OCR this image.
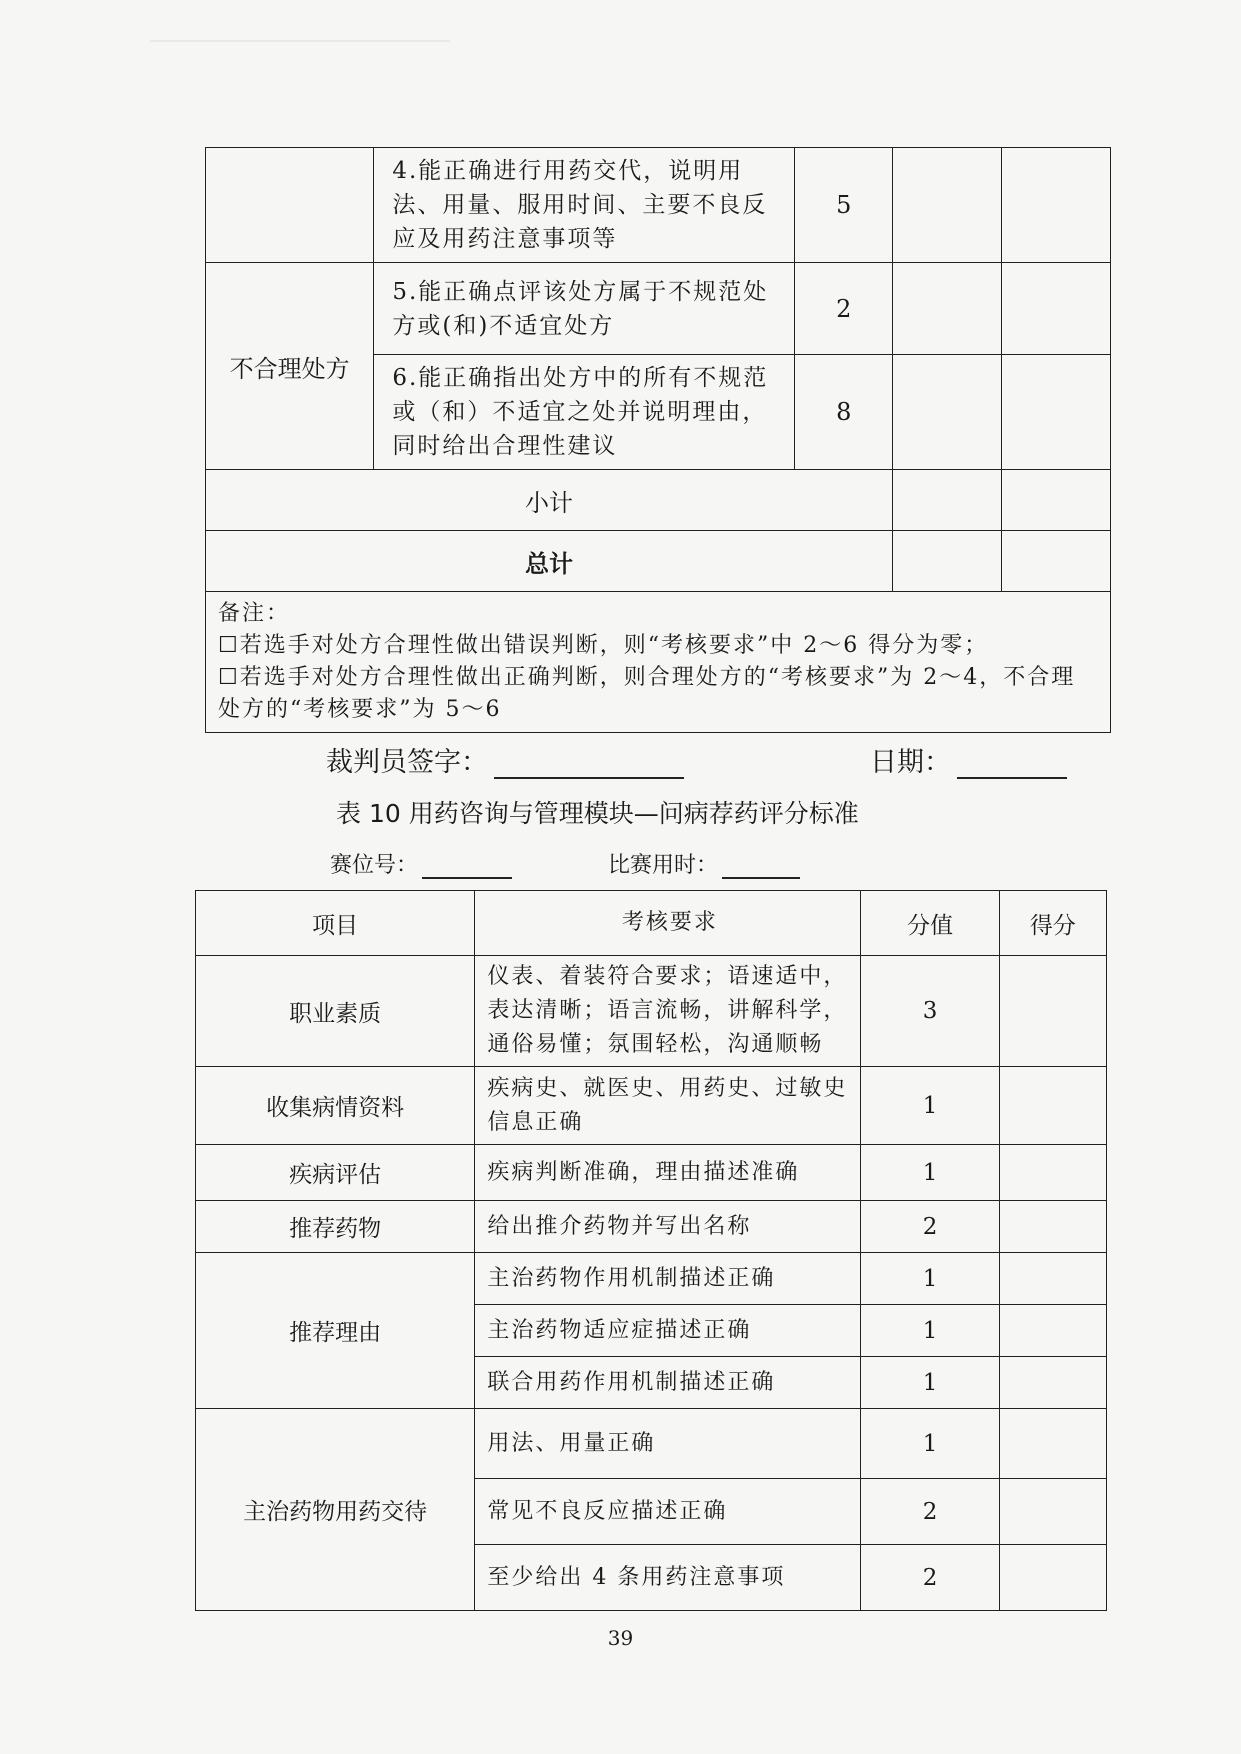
	4.能正确进行用药交代，说明用法、用量、服用时间、主要不良反应及用药注意事项等	5		
不合理处方	5.能正确点评该处方属于不规范处方或(和)不适宜处方	2		
	6.能正确指出处方中的所有不规范或（和）不适宜之处并说明理由，同时给出合理性建议	8		
小计				
总计				

备注：
☐若选手对处方合理性做出错误判断，则“考核要求”中 2～6 得分为零；
☐若选手对处方合理性做出正确判断，则合理处方的“考核要求”为 2～4，不合理处方的“考核要求”为 5～6				
裁判员签字：	日期：
表 10 用药咨询与管理模块—问病荐药评分标准
赛位号：	比赛用时：
项目	考核要求	分值	得分
职业素质	仪表、着装符合要求；语速适中，表达清晰；语言流畅，讲解科学，通俗易懂；氛围轻松，沟通顺畅	3	
收集病情资料	疾病史、就医史、用药史、过敏史信息正确	1	
疾病评估	疾病判断准确，理由描述准确	1	
推荐药物	给出推介药物并写出名称	2	
推荐理由	主治药物作用机制描述正确	1	
	主治药物适应症描述正确	1	
	联合用药作用机制描述正确	1	
主治药物用药交待	用法、用量正确	1	
	常见不良反应描述正确	2	
	至少给出 4 条用药注意事项	2	
39
